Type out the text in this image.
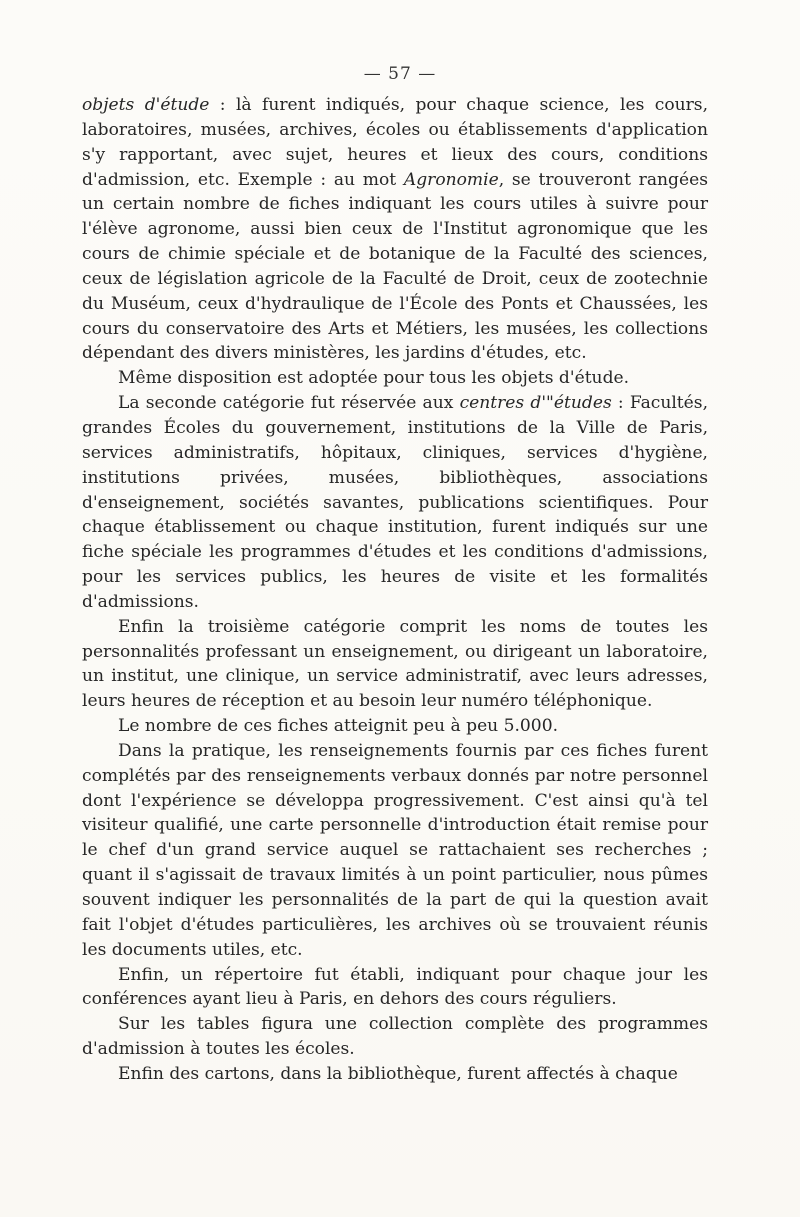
— 57 —

objets d'étude : là furent indiqués, pour chaque science, les cours, laboratoires, musées, archives, écoles ou établissements d'application s'y rapportant, avec sujet, heures et lieux des cours, conditions d'admission, etc. Exemple : au mot Agronomie, se trouveront rangées un certain nombre de fiches indiquant les cours utiles à suivre pour l'élève agronome, aussi bien ceux de l'Institut agronomique que les cours de chimie spéciale et de botanique de la Faculté des sciences, ceux de législation agricole de la Faculté de Droit, ceux de zootechnie du Muséum, ceux d'hydraulique de l'École des Ponts et Chaussées, les cours du conservatoire des Arts et Métiers, les musées, les collections dépendant des divers ministères, les jardins d'études, etc.

Même disposition est adoptée pour tous les objets d'étude.

La seconde catégorie fut réservée aux centres d'"études : Facultés, grandes Écoles du gouvernement, institutions de la Ville de Paris, services administratifs, hôpitaux, cliniques, services d'hygiène, institutions privées, musées, bibliothèques, associations d'enseignement, sociétés savantes, publications scientifiques. Pour chaque établissement ou chaque institution, furent indiqués sur une fiche spéciale les programmes d'études et les conditions d'admissions, pour les services publics, les heures de visite et les formalités d'admissions.

Enfin la troisième catégorie comprit les noms de toutes les personnalités professant un enseignement, ou dirigeant un laboratoire, un institut, une clinique, un service administratif, avec leurs adresses, leurs heures de réception et au besoin leur numéro téléphonique.

Le nombre de ces fiches atteignit peu à peu 5.000.

Dans la pratique, les renseignements fournis par ces fiches furent complétés par des renseignements verbaux donnés par notre personnel dont l'expérience se développa progressivement. C'est ainsi qu'à tel visiteur qualifié, une carte personnelle d'introduction était remise pour le chef d'un grand service auquel se rattachaient ses recherches ; quant il s'agissait de travaux limités à un point particulier, nous pûmes souvent indiquer les personnalités de la part de qui la question avait fait l'objet d'études particulières, les archives où se trouvaient réunis les documents utiles, etc.

Enfin, un répertoire fut établi, indiquant pour chaque jour les conférences ayant lieu à Paris, en dehors des cours réguliers.

Sur les tables figura une collection complète des programmes d'admission à toutes les écoles.

Enfin des cartons, dans la bibliothèque, furent affectés à chaque
